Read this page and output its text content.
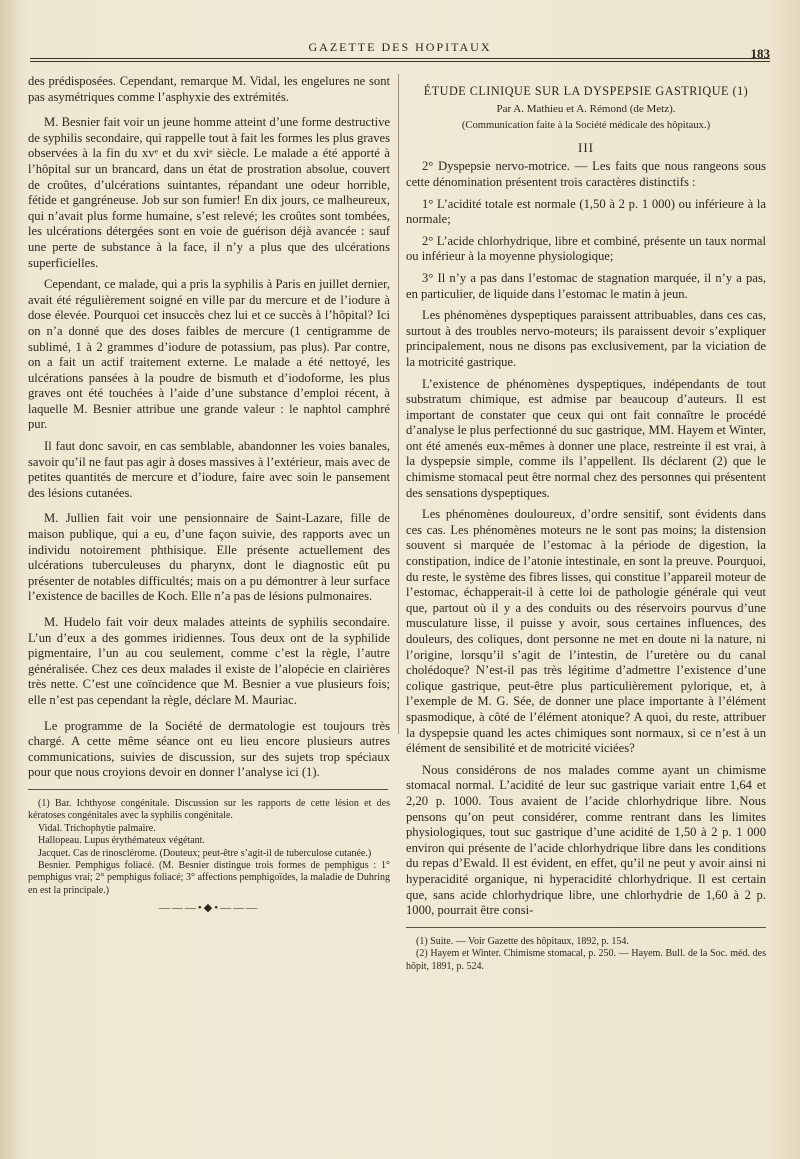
GAZETTE DES HOPITAUX	183

des prédisposées. Cependant, remarque M. Vidal, les engelures ne sont pas asymétriques comme l’asphyxie des extrémités.

M. Besnier fait voir un jeune homme atteint d’une forme destructive de syphilis secondaire, qui rappelle tout à fait les formes les plus graves observées à la fin du xvᵉ et du xviᵉ siècle. Le malade a été apporté à l’hôpital sur un brancard, dans un état de prostration absolue, couvert de croûtes, d’ulcérations suintantes, répandant une odeur horrible, fétide et gangréneuse. Job sur son fumier! En dix jours, ce malheureux, qui n’avait plus forme humaine, s’est relevé; les croûtes sont tombées, les ulcérations détergées sont en voie de guérison déjà avancée : sauf une perte de substance à la face, il n’y a plus que des ulcérations superficielles.

Cependant, ce malade, qui a pris la syphilis à Paris en juillet dernier, avait été régulièrement soigné en ville par du mercure et de l’iodure à dose élevée. Pourquoi cet insuccès chez lui et ce succès à l’hôpital? Ici on n’a donné que des doses faibles de mercure (1 centigramme de sublimé, 1 à 2 grammes d’iodure de potassium, pas plus). Par contre, on a fait un actif traitement externe. Le malade a été nettoyé, les ulcérations pansées à la poudre de bismuth et d’iodoforme, les plus graves ont été touchées à l’aide d’une substance d’emploi récent, à laquelle M. Besnier attribue une grande valeur : le naphtol camphré pur.

Il faut donc savoir, en cas semblable, abandonner les voies banales, savoir qu’il ne faut pas agir à doses massives à l’extérieur, mais avec de petites quantités de mercure et d’iodure, faire avec soin le pansement des lésions cutanées.

M. Jullien fait voir une pensionnaire de Saint-Lazare, fille de maison publique, qui a eu, d’une façon suivie, des rapports avec un individu notoirement phthisique. Elle présente actuellement des ulcérations tuberculeuses du pharynx, dont le diagnostic eût pu présenter de notables difficultés; mais on a pu démontrer à leur surface l’existence de bacilles de Koch. Elle n’a pas de lésions pulmonaires.

M. Hudelo fait voir deux malades atteints de syphilis secondaire. L’un d’eux a des gommes iridiennes. Tous deux ont de la syphilide pigmentaire, l’un au cou seulement, comme c’est la règle, l’autre généralisée. Chez ces deux malades il existe de l’alopécie en clairières très nette. C’est une coïncidence que M. Besnier a vue plusieurs fois; elle n’est pas cependant la règle, déclare M. Mauriac.

Le programme de la Société de dermatologie est toujours très chargé. A cette même séance ont eu lieu encore plusieurs autres communications, suivies de discussion, sur des sujets trop spéciaux pour que nous croyions devoir en donner l’analyse ici (1).

(1) Bar. Ichthyose congénitale. Discussion sur les rapports de cette lésion et des kératoses congénitales avec la syphilis congénitale.

Vidal. Trichophytie palmaire.

Hallopeau. Lupus érythémateux végétant.

Jacquet. Cas de rinosclérome. (Douteux; peut-être s’agit-il de tuberculose cutanée.)

Besnier. Pemphigus foliacé. (M. Besnier distingue trois formes de pemphigus : 1° pemphigus vrai; 2° pemphigus foliacé; 3° affections pemphigoïdes, la maladie de Duhring en est la principale.)

———•◆•———
ÉTUDE CLINIQUE SUR LA DYSPEPSIE GASTRIQUE (1)
Par A. Mathieu et A. Rémond (de Metz).
(Communication faite à la Société médicale des hôpitaux.)
III

2° Dyspepsie nervo-motrice. — Les faits que nous rangeons sous cette dénomination présentent trois caractères distinctifs :

1° L’acidité totale est normale (1,50 à 2 p. 1 000) ou inférieure à la normale;

2° L’acide chlorhydrique, libre et combiné, présente un taux normal ou inférieur à la moyenne physiologique;

3° Il n’y a pas dans l’estomac de stagnation marquée, il n’y a pas, en particulier, de liquide dans l’estomac le matin à jeun.

Les phénomènes dyspeptiques paraissent attribuables, dans ces cas, surtout à des troubles nervo-moteurs; ils paraissent devoir s’expliquer principalement, nous ne disons pas exclusivement, par la viciation de la motricité gastrique.

L’existence de phénomènes dyspeptiques, indépendants de tout substratum chimique, est admise par beaucoup d’auteurs. Il est important de constater que ceux qui ont fait connaître le procédé d’analyse le plus perfectionné du suc gastrique, MM. Hayem et Winter, ont été amenés eux-mêmes à donner une place, restreinte il est vrai, à la dyspepsie simple, comme ils l’appellent. Ils déclarent (2) que le chimisme stomacal peut être normal chez des personnes qui présentent des sensations dyspeptiques.

Les phénomènes douloureux, d’ordre sensitif, sont évidents dans ces cas. Les phénomènes moteurs ne le sont pas moins; la distension souvent si marquée de l’estomac à la période de digestion, la constipation, indice de l’atonie intestinale, en sont la preuve. Pourquoi, du reste, le système des fibres lisses, qui constitue l’appareil moteur de l’estomac, échapperait-il à cette loi de pathologie générale qui veut que, partout où il y a des conduits ou des réservoirs pourvus d’une musculature lisse, il puisse y avoir, sous certaines influences, des douleurs, des coliques, dont personne ne met en doute ni la nature, ni l’origine, lorsqu’il s’agit de l’intestin, de l’uretère ou du canal cholédoque? N’est-il pas très légitime d’admettre l’existence d’une colique gastrique, peut-être plus particulièrement pylorique, et, à l’exemple de M. G. Sée, de donner une place importante à l’élément spasmodique, à côté de l’élément atonique? A quoi, du reste, attribuer la dyspepsie quand les actes chimiques sont normaux, si ce n’est à un élément de sensibilité et de motricité viciées?

Nous considérons de nos malades comme ayant un chimisme stomacal normal. L’acidité de leur suc gastrique variait entre 1,64 et 2,20 p. 1000. Tous avaient de l’acide chlorhydrique libre. Nous pensons qu’on peut considérer, comme rentrant dans les limites physiologiques, tout suc gastrique d’une acidité de 1,50 à 2 p. 1 000 environ qui présente de l’acide chlorhydrique libre dans les conditions du repas d’Ewald. Il est évident, en effet, qu’il ne peut y avoir ainsi ni hyperacidité organique, ni hyperacidité chlorhydrique. Il est certain que, sans acide chlorhydrique libre, une chlorhydrie de 1,60 à 2 p. 1000, pourrait être consi-

(1) Suite. — Voir Gazette des hôpitaux, 1892, p. 154.

(2) Hayem et Winter. Chimisme stomacal, p. 250. — Hayem. Bull. de la Soc. méd. des hôpit, 1891, p. 524.
